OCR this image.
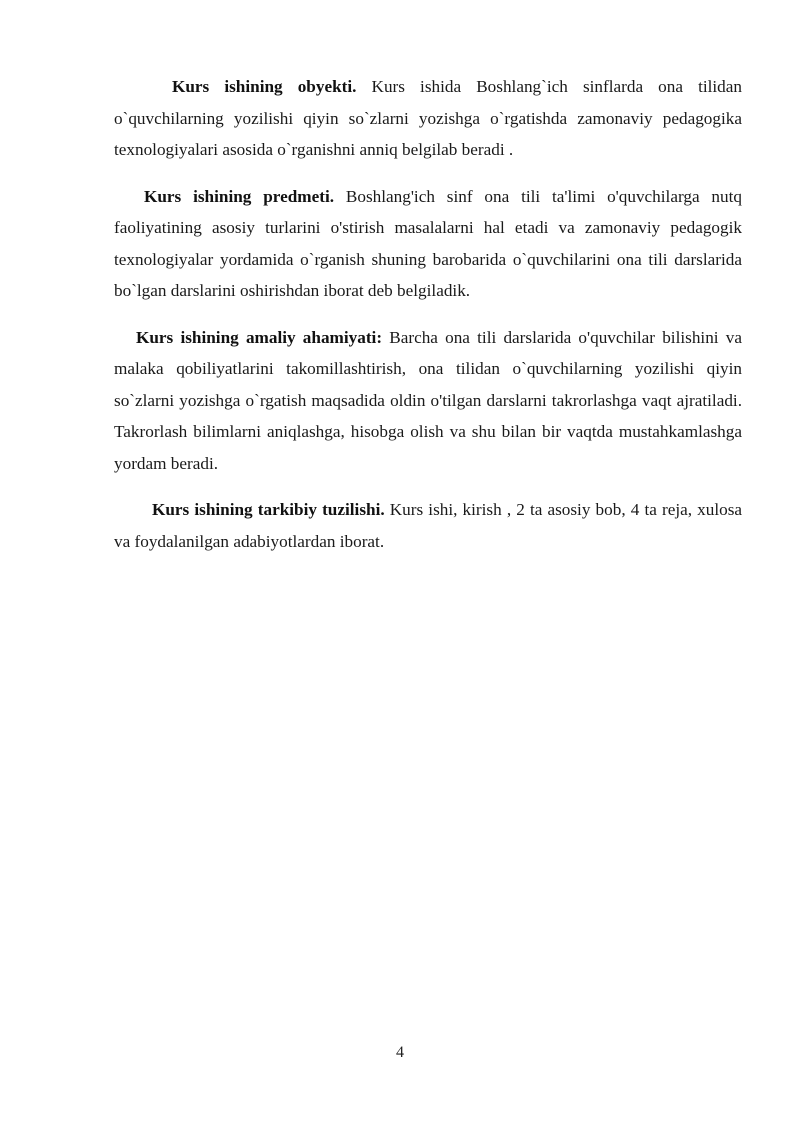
Kurs ishining obyekti. Kurs ishida Boshlang`ich sinflarda ona tilidan o`quvchilarning yozilishi qiyin so`zlarni yozishga o`rgatishda zamonaviy pedagogika texnologiyalari asosida o`rganishni anniq belgilab beradi .

Kurs ishining predmeti. Boshlang'ich sinf ona tili ta'limi o'quvchilarga nutq faoliyatining asosiy turlarini o'stirish masalalarni hal etadi va zamonaviy pedagogik texnologiyalar yordamida o`rganish shuning barobarida o`quvchilarini ona tili darslarida bo`lgan darslarini oshirishdan iborat deb belgiladik.

Kurs ishining amaliy ahamiyati: Barcha ona tili darslarida o'quvchilar bilishini va malaka qobiliyatlarini takomillashtirish, ona tilidan o`quvchilarning yozilishi qiyin so`zlarni yozishga o`rgatish maqsadida oldin o'tilgan darslarni takrorlashga vaqt ajratiladi. Takrorlash bilimlarni aniqlashga, hisobga olish va shu bilan bir vaqtda mustahkamlashga yordam beradi.

Kurs ishining tarkibiy tuzilishi. Kurs ishi, kirish , 2 ta asosiy bob, 4 ta reja, xulosa va foydalanilgan adabiyotlardan iborat.

4
